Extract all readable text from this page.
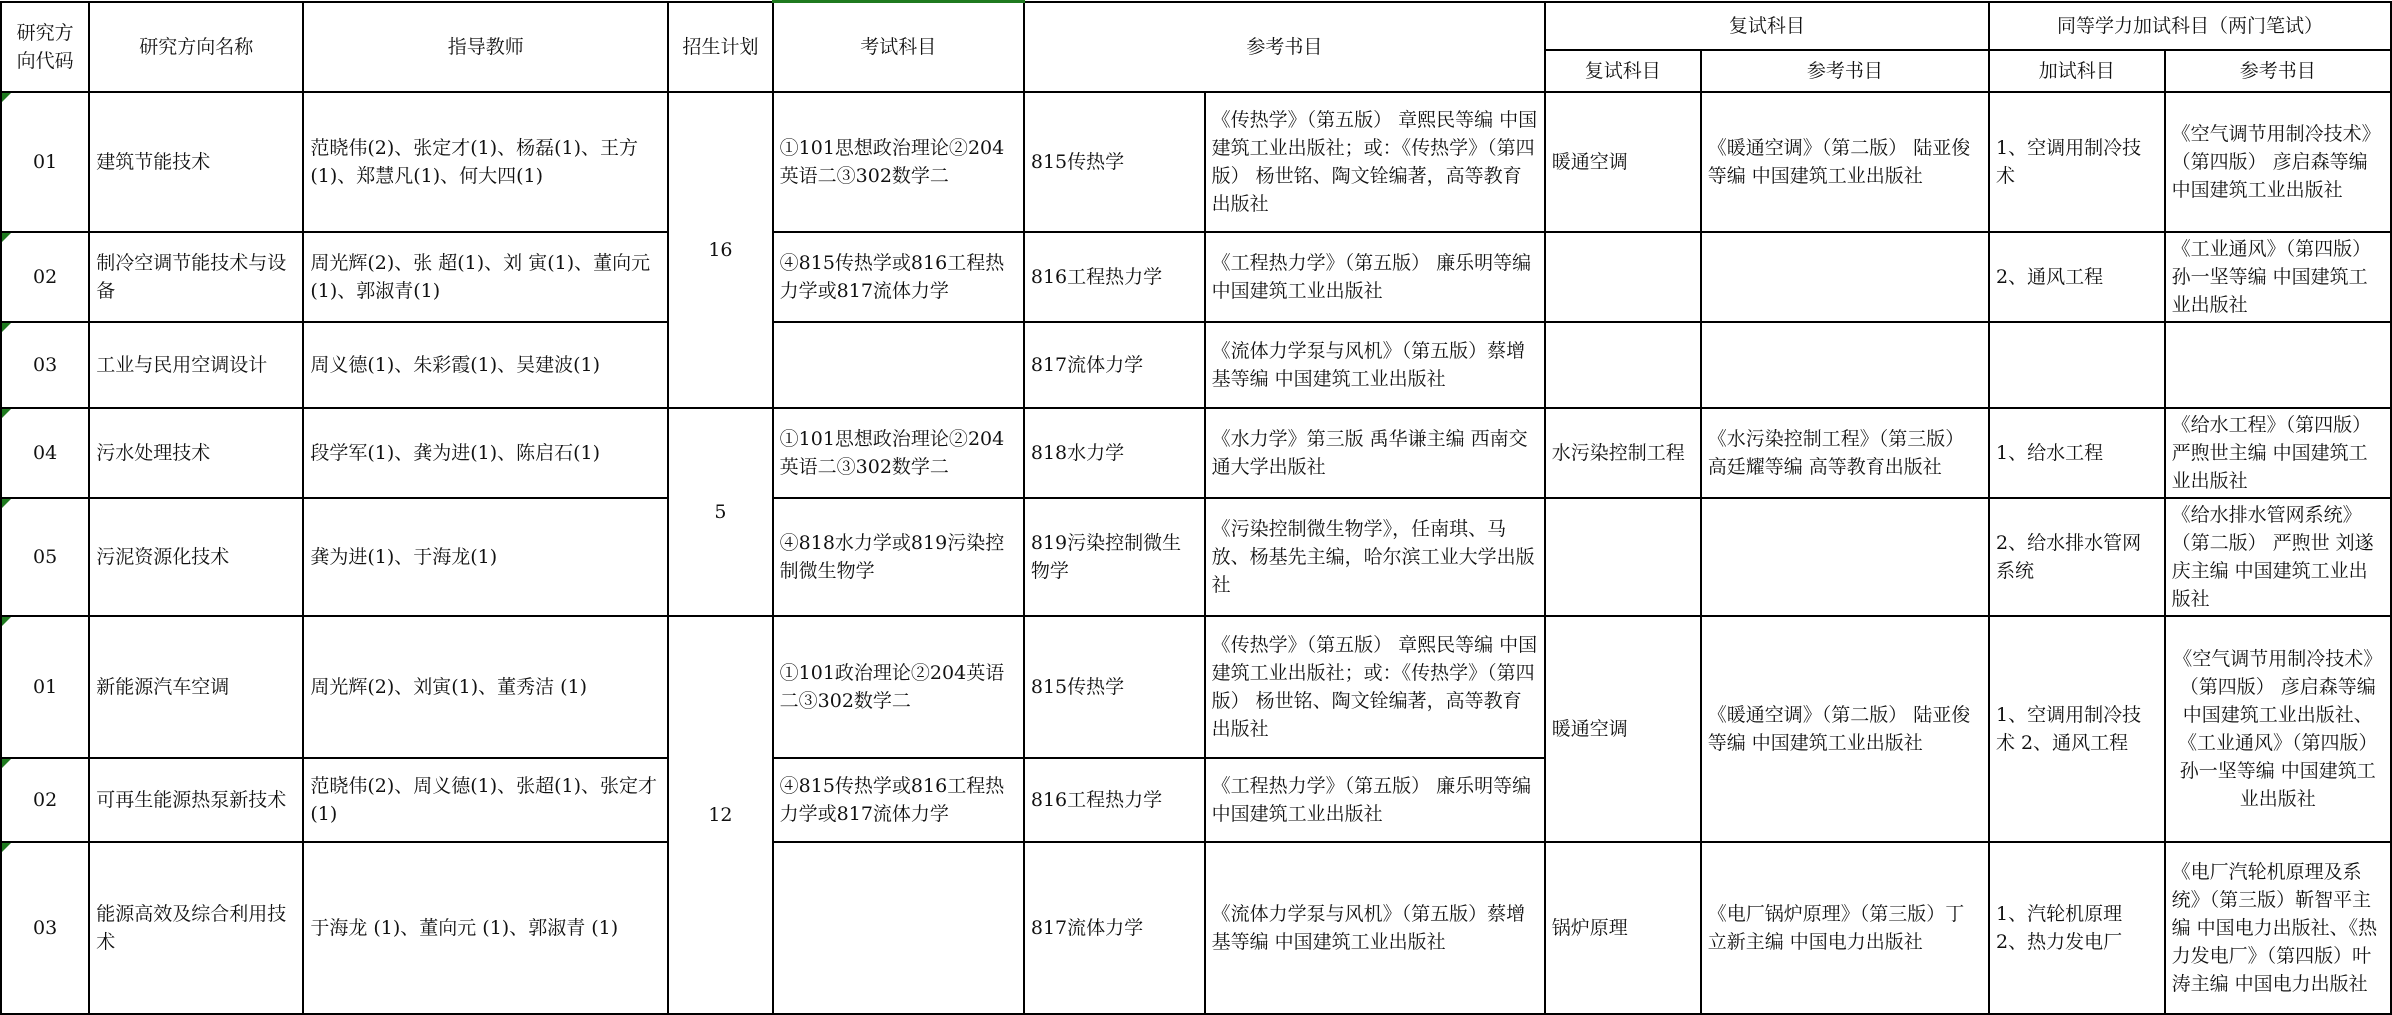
研究方向代码	研究方向名称	指导教师	招生计划	考试科目	参考书目		复试科目		同等学力加试科目（两门笔试）	
							复试科目	参考书目	加试科目	参考书目
01	建筑节能技术	范晓伟(2)、张定才(1)、杨磊(1)、王方(1)、郑慧凡(1)、何大四(1)	16	①101思想政治理论②204英语二③302数学二	815传热学	《传热学》（第五版） 章熙民等编 中国建筑工业出版社；或：《传热学》（第四版） 杨世铭、陶文铨编著，高等教育出版社	暖通空调	《暖通空调》（第二版） 陆亚俊等编 中国建筑工业出版社	1、空调用制冷技术	《空气调节用制冷技术》（第四版） 彦启森等编 中国建筑工业出版社
02	制冷空调节能技术与设备	周光辉(2)、张 超(1)、刘 寅(1)、董向元(1)、郭淑青(1)		④815传热学或816工程热力学或817流体力学	816工程热力学	《工程热力学》（第五版） 廉乐明等编 中国建筑工业出版社			2、通风工程	《工业通风》（第四版） 孙一坚等编 中国建筑工业出版社
03	工业与民用空调设计	周义德(1)、朱彩霞(1)、吴建波(1)			817流体力学	《流体力学泵与风机》（第五版）蔡增基等编 中国建筑工业出版社				
04	污水处理技术	段学军(1)、龚为进(1)、陈启石(1)	5	①101思想政治理论②204英语二③302数学二	818水力学	《水力学》第三版 禹华谦主编 西南交通大学出版社	水污染控制工程	《水污染控制工程》（第三版） 高廷耀等编 高等教育出版社	1、给水工程	《给水工程》（第四版） 严煦世主编 中国建筑工业出版社
05	污泥资源化技术	龚为进(1)、于海龙(1)		④818水力学或819污染控制微生物学	819污染控制微生物学	《污染控制微生物学》，任南琪、马放、杨基先主编，哈尔滨工业大学出版社			2、给水排水管网系统	《给水排水管网系统》（第二版） 严煦世 刘遂庆主编 中国建筑工业出版社
01	新能源汽车空调	周光辉(2)、刘寅(1)、董秀洁 (1)	12	①101政治理论②204英语二③302数学二	815传热学	《传热学》（第五版） 章熙民等编 中国建筑工业出版社；或：《传热学》（第四版） 杨世铭、陶文铨编著，高等教育出版社	暖通空调	《暖通空调》（第二版） 陆亚俊等编 中国建筑工业出版社	1、空调用制冷技术 2、通风工程	《空气调节用制冷技术》（第四版） 彦启森等编 中国建筑工业出版社、《工业通风》（第四版） 孙一坚等编 中国建筑工业出版社
02	可再生能源热泵新技术	范晓伟(2)、周义德(1)、张超(1)、张定才(1)		④815传热学或816工程热力学或817流体力学	816工程热力学	《工程热力学》（第五版） 廉乐明等编 中国建筑工业出版社				
03	能源高效及综合利用技术	于海龙 (1)、董向元 (1)、郭淑青 (1)			817流体力学	《流体力学泵与风机》（第五版）蔡增基等编 中国建筑工业出版社	锅炉原理	《电厂锅炉原理》（第三版）丁立新主编 中国电力出版社	1、汽轮机原理 2、热力发电厂	《电厂汽轮机原理及系统》（第三版）靳智平主编 中国电力出版社、《热力发电厂》（第四版）叶涛主编 中国电力出版社
